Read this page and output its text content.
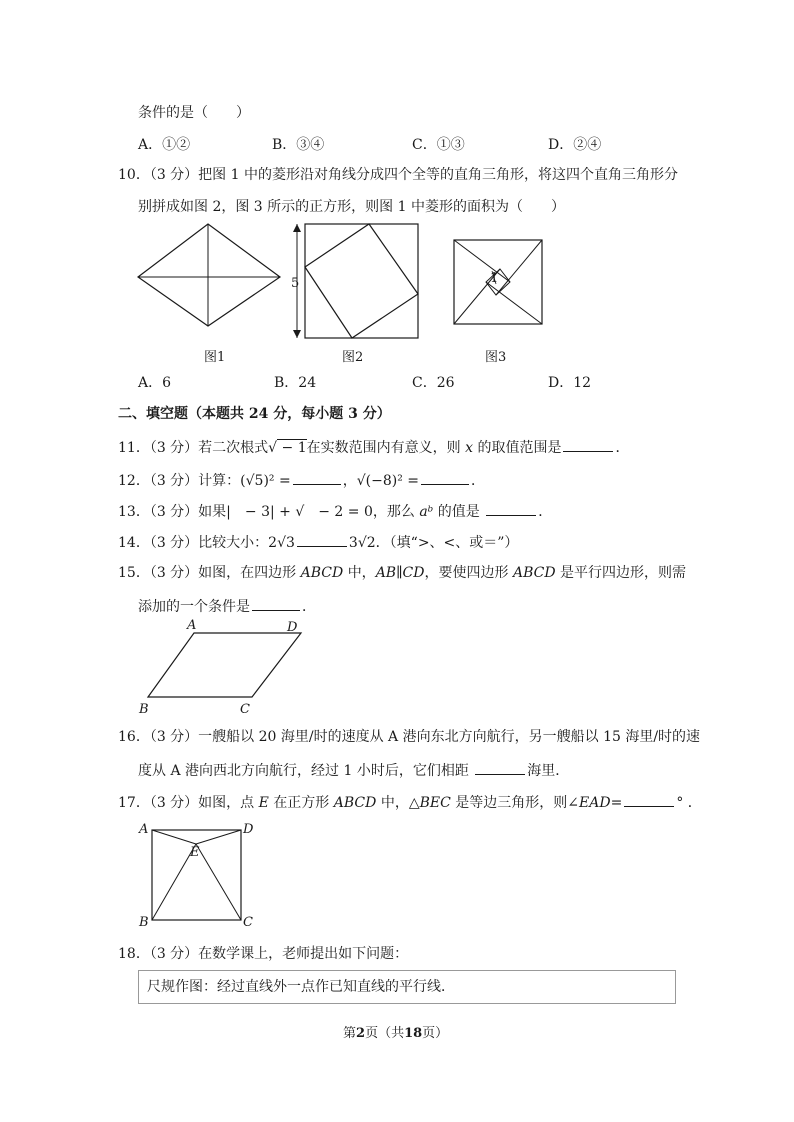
条件的是（　　）
A．①②	B．③④	C．①③	D．②④
10．（3 分）把图 1 中的菱形沿对角线分成四个全等的直角三角形，将这四个直角三角形分
别拼成如图 2，图 3 所示的正方形，则图 1 中菱形的面积为（　　）
图1
5
图2
1
图3
A．6	B．24	C．26	D．12
二、填空题（本题共 24 分，每小题 3 分）
11．（3 分）若二次根式√ − 1在实数范围内有意义，则 x 的取值范围是	．
12．（3 分）计算：(√5)² =	，√(−8)² =	．
13．（3 分）如果|　− 3| + √　− 2 = 0，那么 aᵇ 的值是	．
14．（3 分）比较大小：2√3	3√2．（填“>、<、或＝”）
15．（3 分）如图，在四边形 ABCD 中，AB∥CD，要使四边形 ABCD 是平行四边形，则需
添加的一个条件是	．
A	D
B	C
16．（3 分）一艘船以 20 海里/时的速度从 A 港向东北方向航行，另一艘船以 15 海里/时的速
度从 A 港向西北方向航行，经过 1 小时后，它们相距	海里．
17．（3 分）如图，点 E 在正方形 ABCD 中，△BEC 是等边三角形，则∠EAD=	° ．
A	D
E
B	C
18．（3 分）在数学课上，老师提出如下问题：
尺规作图：经过直线外一点作已知直线的平行线．
第2页（共18页）
